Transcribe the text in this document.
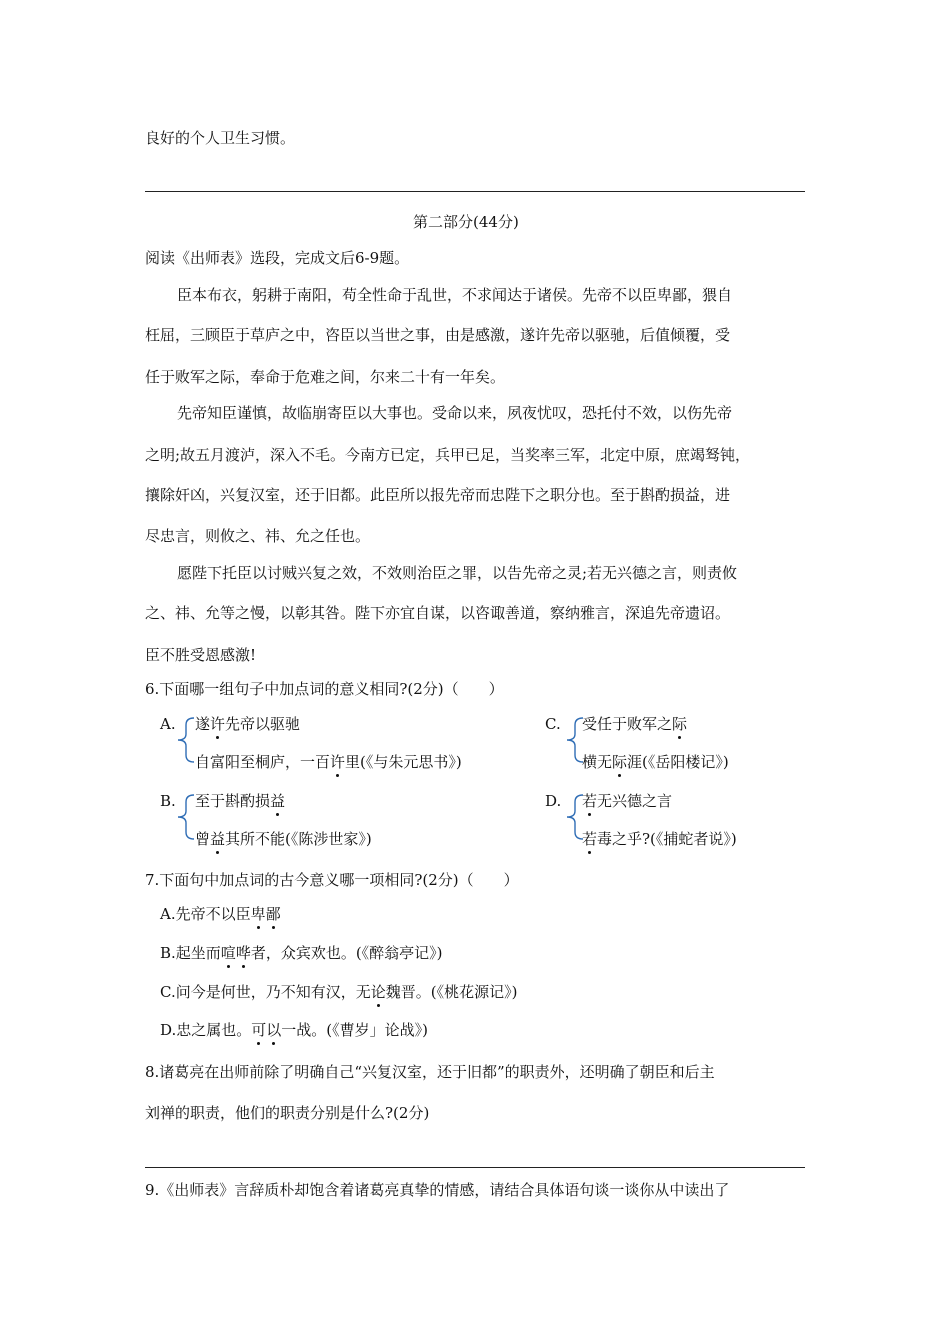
良好的个人卫生习惯。
第二部分(44分)
阅读《出师表》选段，完成文后6-9题。
臣本布衣，躬耕于南阳，苟全性命于乱世，不求闻达于诸侯。先帝不以臣卑鄙，猥自
枉屈，三顾臣于草庐之中，咨臣以当世之事，由是感激，遂许先帝以驱驰，后值倾覆，受
任于败军之际，奉命于危难之间，尔来二十有一年矣。
先帝知臣谨慎，故临崩寄臣以大事也。受命以来，夙夜忧叹，恐托付不效，以伤先帝
之明;故五月渡泸，深入不毛。今南方已定，兵甲已足，当奖率三军，北定中原，庶竭驽钝，
攘除奸凶，兴复汉室，还于旧都。此臣所以报先帝而忠陛下之职分也。至于斟酌损益，进
尽忠言，则攸之、祎、允之任也。
愿陛下托臣以讨贼兴复之效，不效则治臣之罪，以告先帝之灵;若无兴德之言，则责攸
之、祎、允等之慢，以彰其咎。陛下亦宜自谋，以咨诹善道，察纳雅言，深追先帝遗诏。
臣不胜受恩感激!
6.下面哪一组句子中加点词的意义相同?(2分)（　　）
A. 遂许先帝以驱驰
自富阳至桐庐，一百许里(《与朱元思书》)
C. 受任于败军之际
横无际涯(《岳阳楼记》)
B. 至于斟酌损益
曾益其所不能(《陈涉世家》)
D. 若无兴德之言
若毒之乎?(《捕蛇者说》)
7.下面句中加点词的古今意义哪一项相同?(2分)（　　）
A.先帝不以臣卑鄙
B.起坐而喧哗者，众宾欢也。(《醉翁亭记》)
C.问今是何世，乃不知有汉，无论魏晋。(《桃花源记》)
D.忠之属也。可以一战。(《曹岁」论战》)
8.诸葛亮在出师前除了明确自己“兴复汉室，还于旧都”的职责外，还明确了朝臣和后主
刘禅的职责，他们的职责分别是什么?(2分)
9.《出师表》言辞质朴却饱含着诸葛亮真挚的情感，请结合具体语句谈一谈你从中读出了
